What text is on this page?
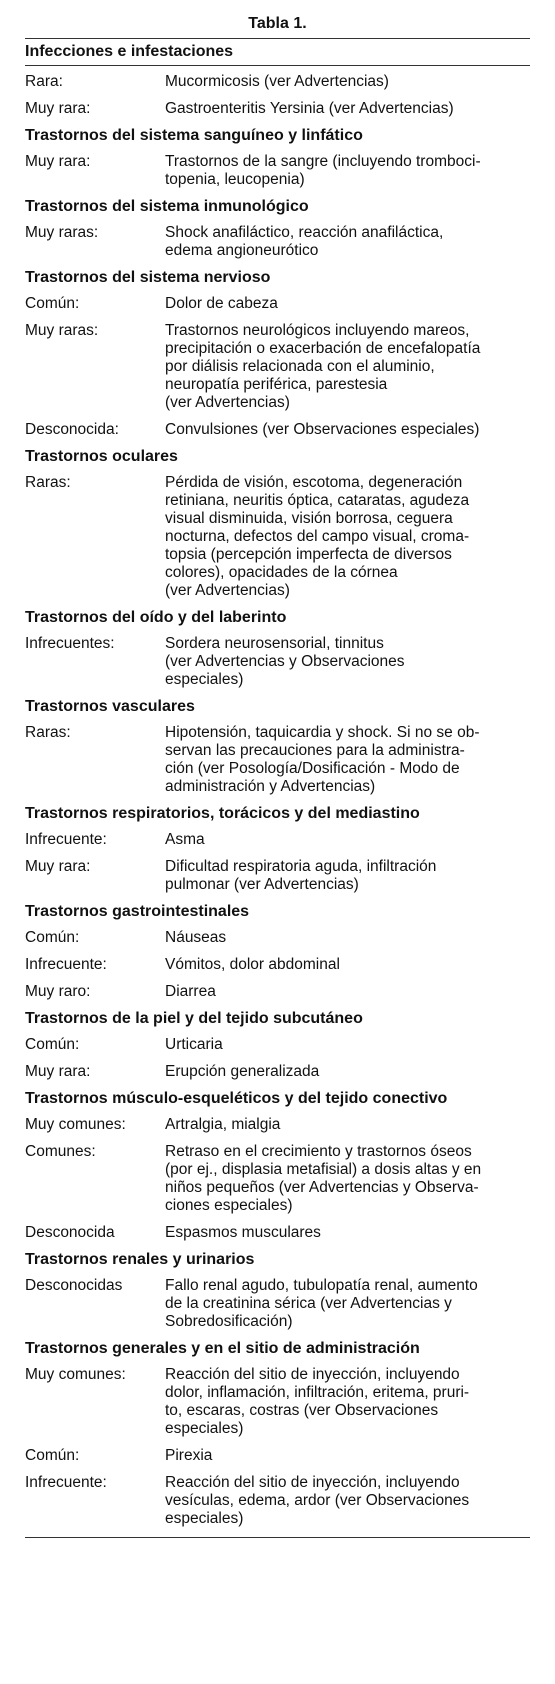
Tabla 1.
Infecciones e infestaciones
Rara:	Mucormicosis (ver Advertencias)
Muy rara:	Gastroenteritis Yersinia (ver Advertencias)
Trastornos del sistema sanguíneo y linfático
Muy rara:	Trastornos de la sangre (incluyendo tromboci-
topenia, leucopenia)
Trastornos del sistema inmunológico
Muy raras:	Shock anafiláctico, reacción anafiláctica,
edema angioneurótico
Trastornos del sistema nervioso
Común:	Dolor de cabeza
Muy raras:	Trastornos neurológicos incluyendo mareos,
precipitación o exacerbación de encefalopatía
por diálisis relacionada con el aluminio,
neuropatía periférica, parestesia
(ver Advertencias)
Desconocida:	Convulsiones (ver Observaciones especiales)
Trastornos oculares
Raras:	Pérdida de visión, escotoma, degeneración
retiniana, neuritis óptica, cataratas, agudeza
visual disminuida, visión borrosa, ceguera
nocturna, defectos del campo visual, croma-
topsia (percepción imperfecta de diversos
colores), opacidades de la córnea
(ver Advertencias)
Trastornos del oído y del laberinto
Infrecuentes:	Sordera neurosensorial, tinnitus
(ver Advertencias y Observaciones
especiales)
Trastornos vasculares
Raras:	Hipotensión, taquicardia y shock. Si no se ob-
servan las precauciones para la administra-
ción (ver Posología/Dosificación - Modo de
administración y Advertencias)
Trastornos respiratorios, torácicos y del mediastino
Infrecuente:	Asma
Muy rara:	Dificultad respiratoria aguda, infiltración
pulmonar (ver Advertencias)
Trastornos gastrointestinales
Común:	Náuseas
Infrecuente:	Vómitos, dolor abdominal
Muy raro:	Diarrea
Trastornos de la piel y del tejido subcutáneo
Común:	Urticaria
Muy rara:	Erupción generalizada
Trastornos músculo-esqueléticos y del tejido conectivo
Muy comunes:	Artralgia, mialgia
Comunes:	Retraso en el crecimiento y trastornos óseos
(por ej., displasia metafisial) a dosis altas y en
niños pequeños (ver Advertencias y Observa-
ciones especiales)
Desconocida	Espasmos musculares
Trastornos renales y urinarios
Desconocidas	Fallo renal agudo, tubulopatía renal, aumento
de la creatinina sérica (ver Advertencias y
Sobredosificación)
Trastornos generales y en el sitio de administración
Muy comunes:	Reacción del sitio de inyección, incluyendo
dolor, inflamación, infiltración, eritema, pruri-
to, escaras, costras (ver Observaciones
especiales)
Común:	Pirexia
Infrecuente:	Reacción del sitio de inyección, incluyendo
vesículas, edema, ardor (ver Observaciones
especiales)
